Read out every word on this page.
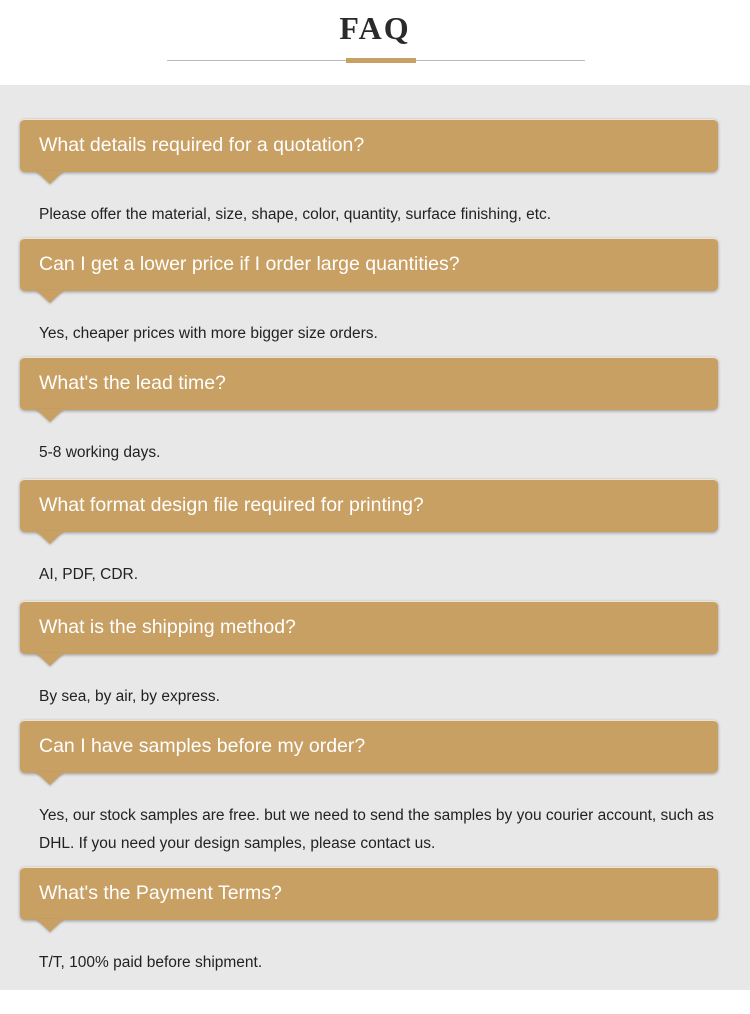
FAQ
What details required for a quotation?
Please offer the material, size, shape, color, quantity, surface finishing, etc.
Can I get a lower price if I order large quantities?
Yes, cheaper prices with more bigger size orders.
What's the lead time?
5-8 working days.
What format design file required for printing?
AI, PDF, CDR.
What is the shipping method?
By sea, by air, by express.
Can I have samples before my order?
Yes, our stock samples are free. but we need to send the samples by you courier account, such as DHL. If you need your design samples, please contact us.
What's the Payment Terms?
T/T, 100% paid before shipment.
